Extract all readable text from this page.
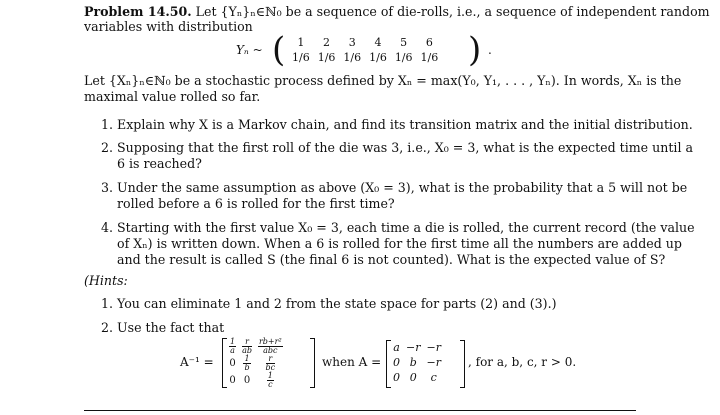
Problem 14.50. Let {Yₙ}ₙ∈ℕ₀ be a sequence of die-rolls, i.e., a sequence of independent random
variables with distribution
Yₙ ~ ( 1	2	3	4	5	6
1/6	1/6	1/6	1/6	1/6	1/6 ) .
Let {Xₙ}ₙ∈ℕ₀ be a stochastic process defined by Xₙ = max(Y₀, Y₁, . . . , Yₙ). In words, Xₙ is the
maximal value rolled so far.
1. Explain why X is a Markov chain, and find its transition matrix and the initial distribution.
2. Supposing that the first roll of the die was 3, i.e., X₀ = 3, what is the expected time until a
6 is reached?
3. Under the same assumption as above (X₀ = 3), what is the probability that a 5 will not be
rolled before a 6 is rolled for the first time?
4. Starting with the first value X₀ = 3, each time a die is rolled, the current record (the value
of Xₙ) is written down. When a 6 is rolled for the first time all the numbers are added up
and the result is called S (the final 6 is not counted). What is the expected value of S?
(Hints:
1. You can eliminate 1 and 2 from the state space for parts (2) and (3).)
2. Use the fact that
A⁻¹ =
$\frac{1}{a}$	$\frac{r}{ab}$	$\frac{\text{rb+r²}}{\text{abc}}$

0	$\frac{1}{b}$	$\frac{r}{bc}$

0	0	$\frac{1}{c}$
when A =
a	−r	−r
0	b	−r
0	0	c
, for a, b, c, r > 0.
